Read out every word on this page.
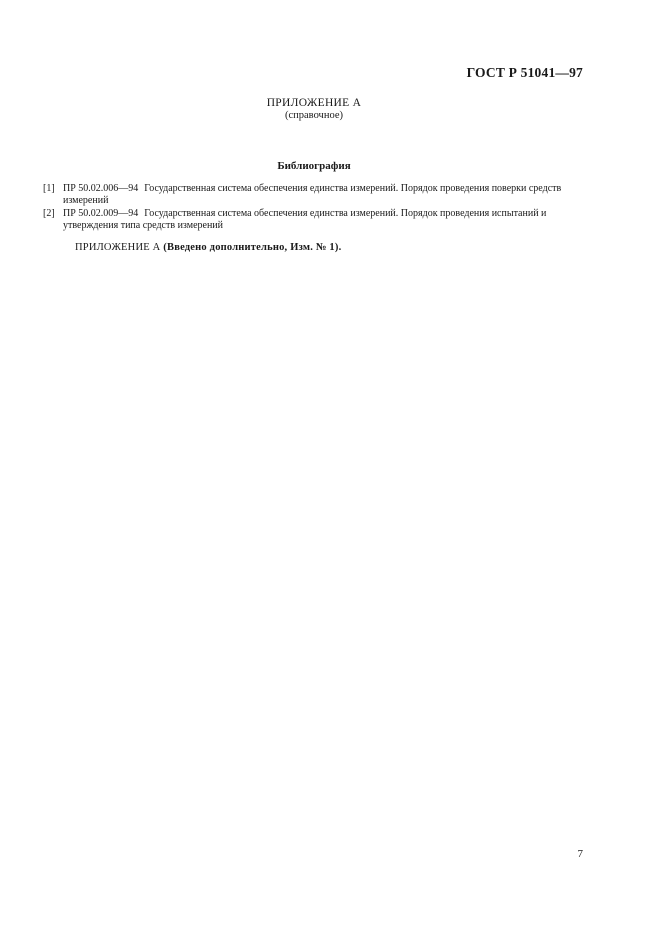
ГОСТ Р 51041—97
ПРИЛОЖЕНИЕ А
(справочное)
Библиография
[1] ПР 50.02.006—94 Государственная система обеспечения единства измерений. Порядок проведения поверки средств измерений
[2] ПР 50.02.009—94 Государственная система обеспечения единства измерений. Порядок проведения испытаний и утверждения типа средств измерений
ПРИЛОЖЕНИЕ А (Введено дополнительно, Изм. № 1).
7
